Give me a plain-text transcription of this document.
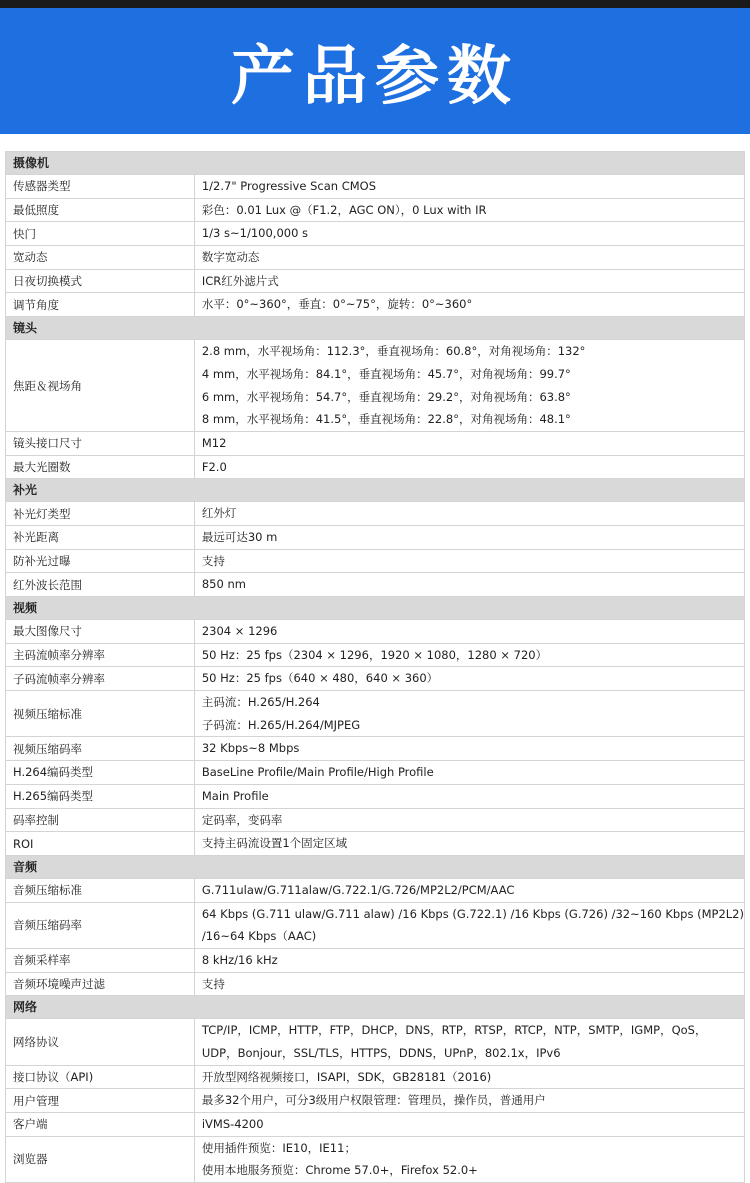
产品参数
摄像机	
传感器类型	1/2.7" Progressive Scan CMOS

最低照度	彩色：0.01 Lux @（F1.2，AGC ON），0 Lux with IR

快门	1/3 s~1/100,000 s

宽动态	数字宽动态

日夜切换模式	ICR红外滤片式

调节角度	水平：0°~360°，垂直：0°~75°，旋转：0°~360°

镜头	
焦距＆视场角	2.8 mm，水平视场角：112.3°，垂直视场角：60.8°，对角视场角：132°
4 mm，水平视场角：84.1°，垂直视场角：45.7°，对角视场角：99.7°
6 mm，水平视场角：54.7°，垂直视场角：29.2°，对角视场角：63.8°
8 mm，水平视场角：41.5°，垂直视场角：22.8°，对角视场角：48.1°

镜头接口尺寸	M12

最大光圈数	F2.0

补光	
补光灯类型	红外灯

补光距离	最远可达30 m

防补光过曝	支持

红外波长范围	850 nm

视频	
最大图像尺寸	2304 × 1296

主码流帧率分辨率	50 Hz：25 fps（2304 × 1296，1920 × 1080，1280 × 720）

子码流帧率分辨率	50 Hz：25 fps（640 × 480，640 × 360）

视频压缩标准	主码流：H.265/H.264
子码流：H.265/H.264/MJPEG

视频压缩码率	32 Kbps~8 Mbps

H.264编码类型	BaseLine Profile/Main Profile/High Profile

H.265编码类型	Main Profile

码率控制	定码率，变码率

ROI	支持主码流设置1个固定区域

音频	
音频压缩标准	G.711ulaw/G.711alaw/G.722.1/G.726/MP2L2/PCM/AAC

音频压缩码率	64 Kbps (G.711 ulaw/G.711 alaw) /16 Kbps (G.722.1) /16 Kbps (G.726) /32~160 Kbps (MP2L2)
/16~64 Kbps（AAC)

音频采样率	8 kHz/16 kHz

音频环境噪声过滤	支持

网络	
网络协议	TCP/IP，ICMP，HTTP，FTP，DHCP，DNS，RTP，RTSP，RTCP，NTP，SMTP，IGMP，QoS，
UDP，Bonjour，SSL/TLS，HTTPS，DDNS，UPnP，802.1x，IPv6

接口协议（API)	开放型网络视频接口，ISAPI，SDK，GB28181（2016)

用户管理	最多32个用户，可分3级用户权限管理：管理员，操作员，普通用户

客户端	iVMS-4200

浏览器	使用插件预览：IE10，IE11；
使用本地服务预览：Chrome 57.0+，Firefox 52.0+
